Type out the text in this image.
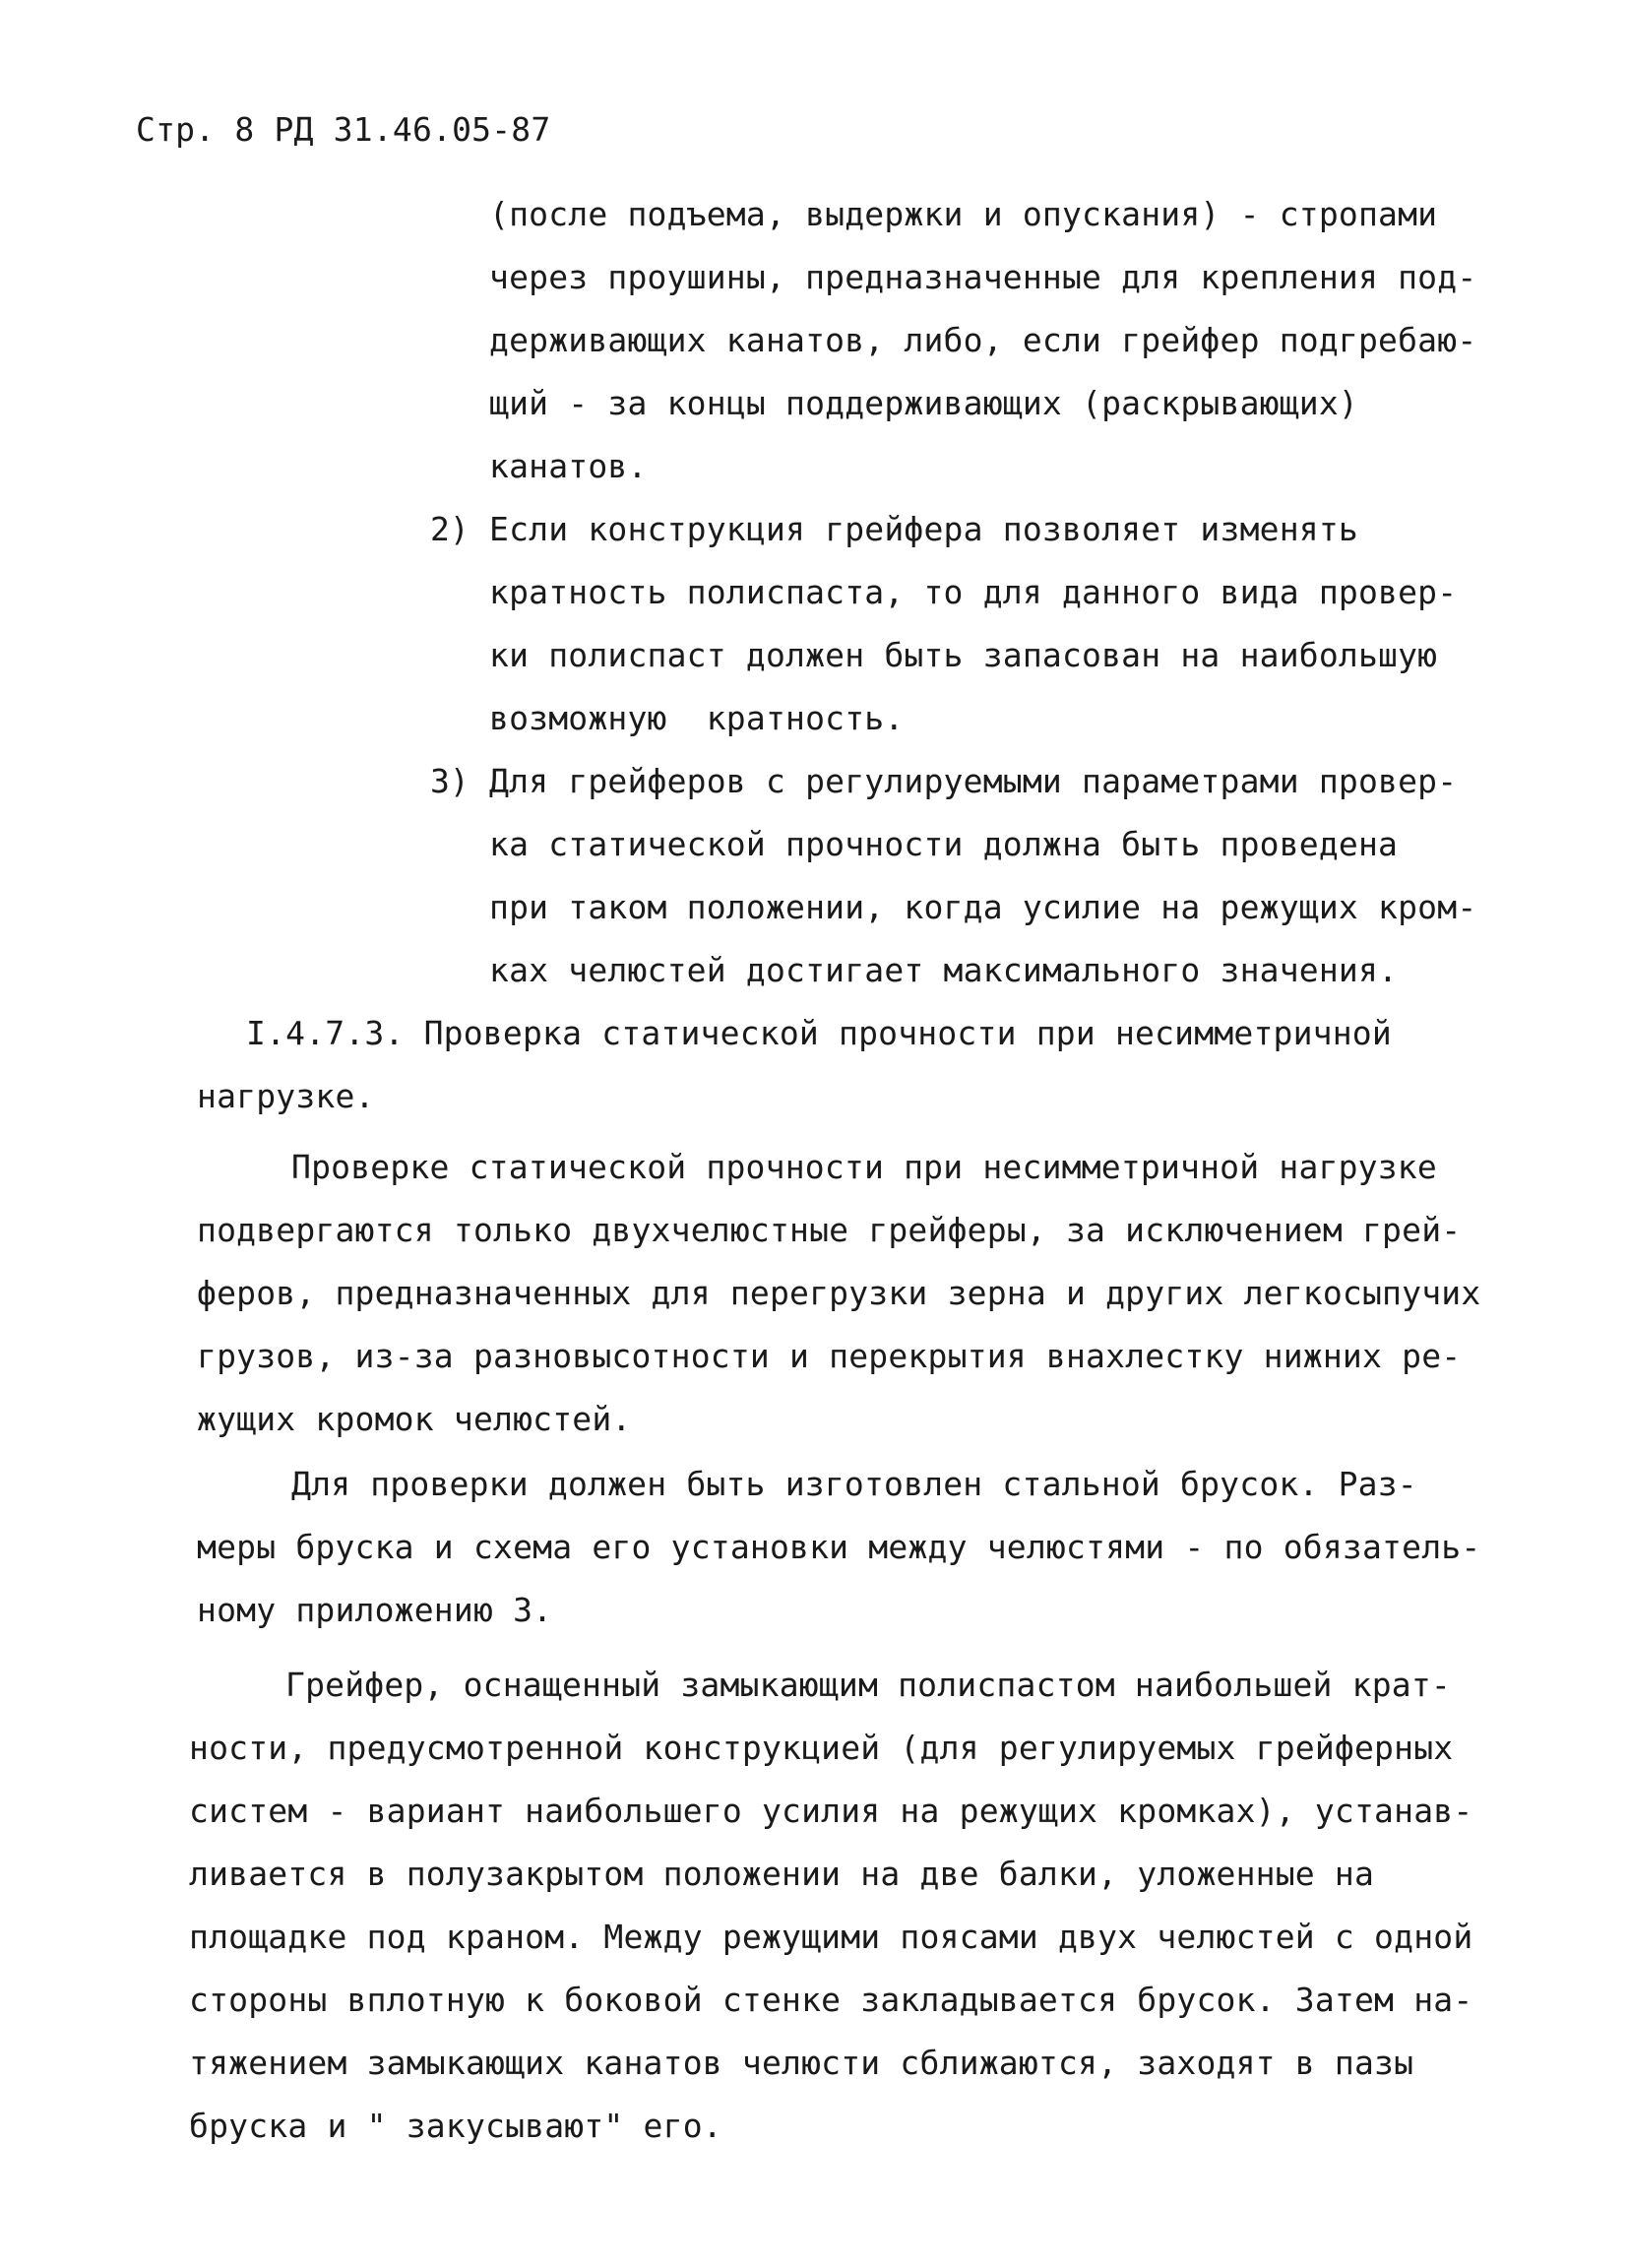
Стр. 8 РД 31.46.05-87
(после подъема, выдержки и опускания) - стропами
через проушины, предназначенные для крепления под-
держивающих канатов, либо, если грейфер подгребаю-
щий - за концы поддерживающих (раскрывающих)
канатов.
2) Если конструкция грейфера позволяет изменять
кратность полиспаста, то для данного вида провер-
ки полиспаст должен быть запасован на наибольшую
возможную  кратность.
3) Для грейферов с регулируемыми параметрами провер-
ка статической прочности должна быть проведена
при таком положении, когда усилие на режущих кром-
ках челюстей достигает максимального значения.
I.4.7.3. Проверка статической прочности при несимметричной
нагрузке.
Проверке статической прочности при несимметричной нагрузке
подвергаются только двухчелюстные грейферы, за исключением грей-
феров, предназначенных для перегрузки зерна и других легкосыпучих
грузов, из-за разновысотности и перекрытия внахлестку нижних ре-
жущих кромок челюстей.
Для проверки должен быть изготовлен стальной брусок. Раз-
меры бруска и схема его установки между челюстями - по обязатель-
ному приложению 3.
Грейфер, оснащенный замыкающим полиспастом наибольшей крат-
ности, предусмотренной конструкцией (для регулируемых грейферных
систем - вариант наибольшего усилия на режущих кромках), устанав-
ливается в полузакрытом положении на две балки, уложенные на
площадке под краном. Между режущими поясами двух челюстей с одной
стороны вплотную к боковой стенке закладывается брусок. Затем на-
тяжением замыкающих канатов челюсти сближаются, заходят в пазы
бруска и " закусывают" его.
